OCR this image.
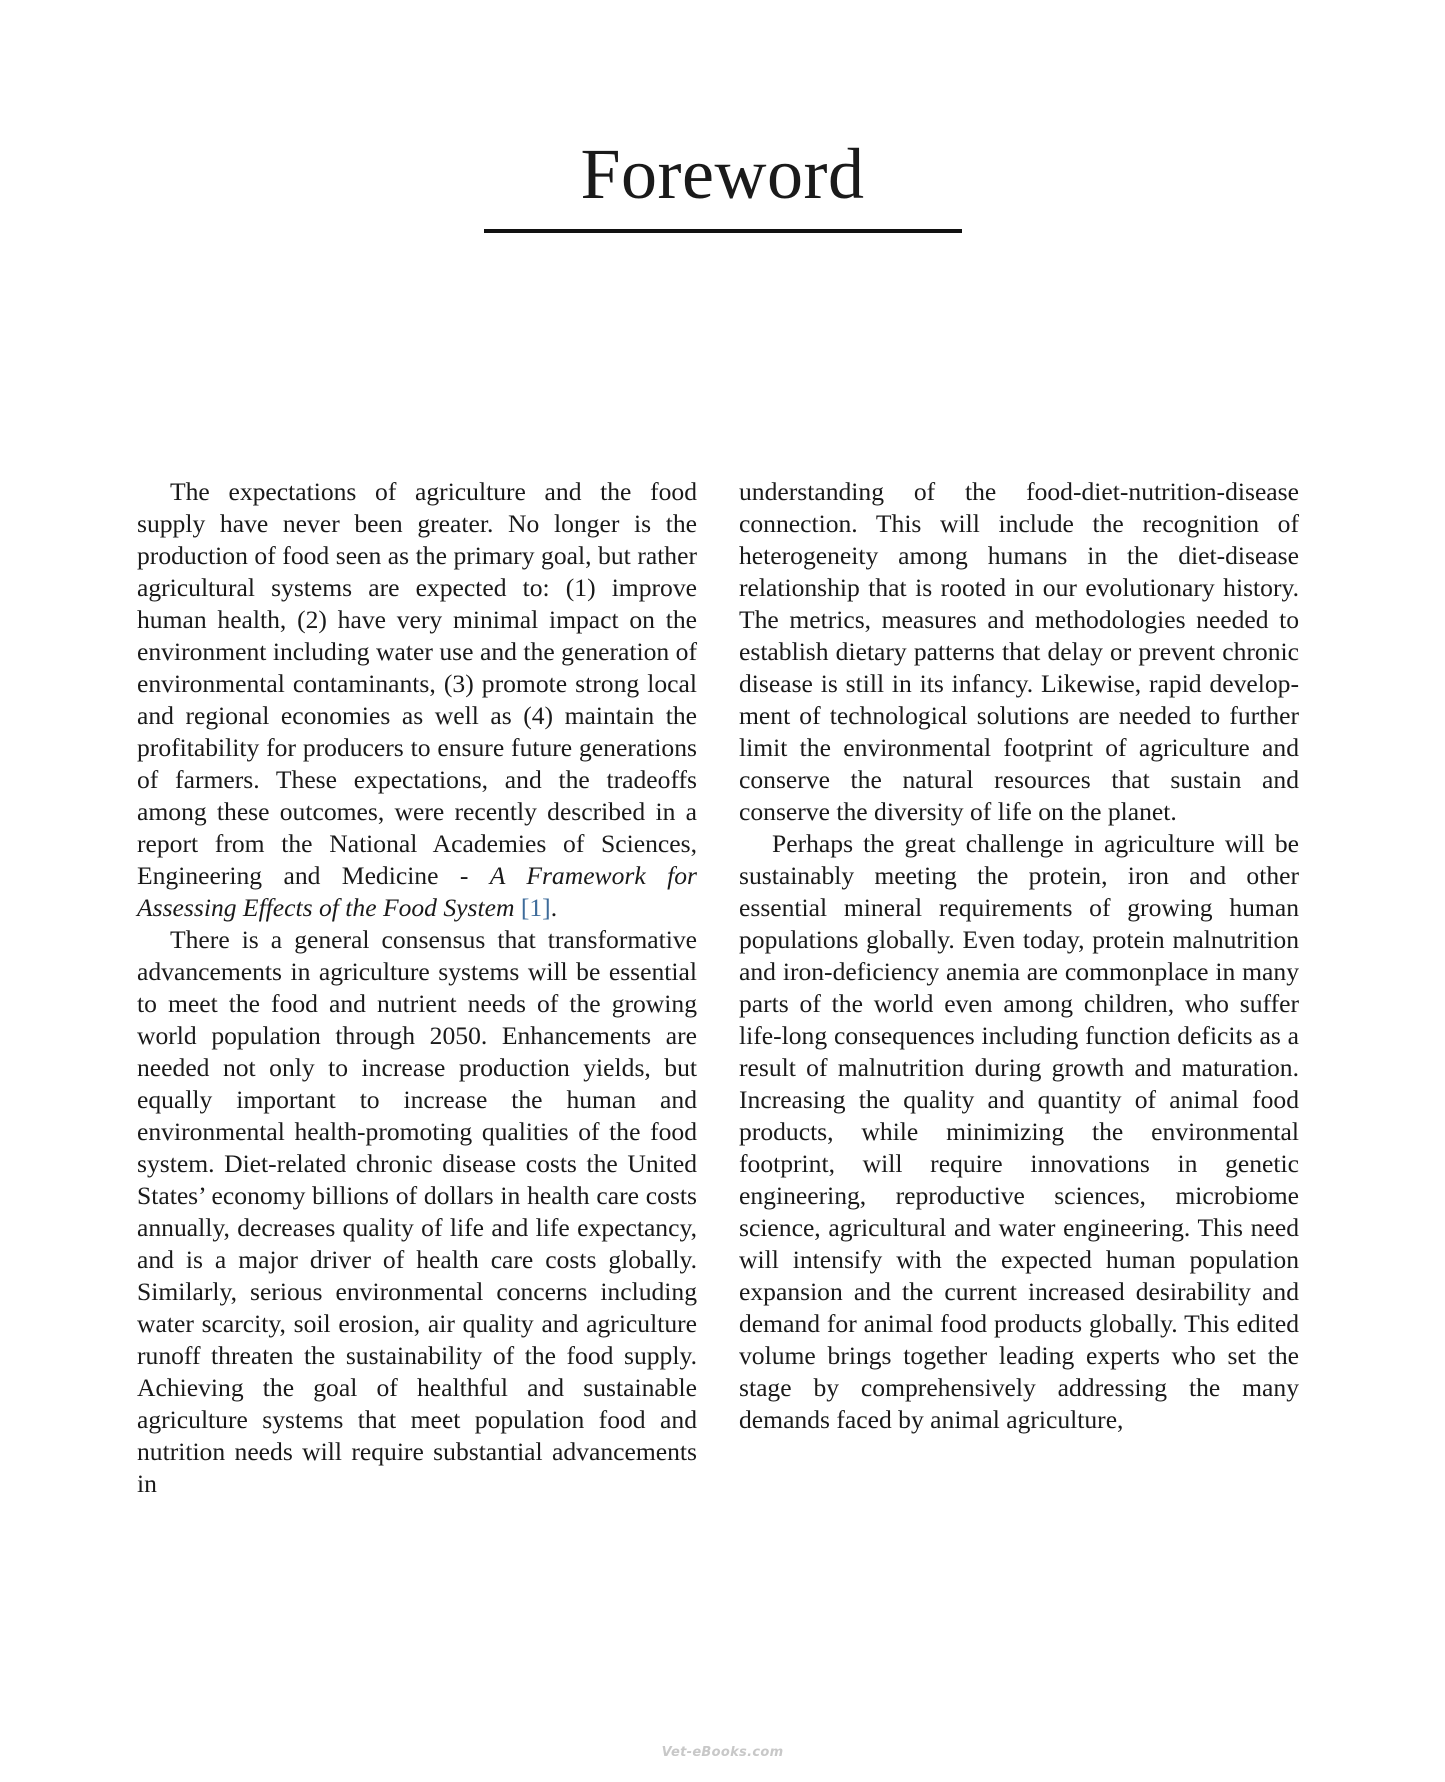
Foreword

The expectations of agriculture and the food supply have never been greater. No longer is the production of food seen as the primary goal, but rather agricultural systems are expected to: (1) improve human health, (2) have very minimal impact on the environment including water use and the generation of environmental contaminants, (3) promote strong local and regional economies as well as (4) maintain the profitability for producers to ensure future generations of farmers. These expectations, and the tradeoffs among these outcomes, were recently described in a report from the National Academies of Sciences, Engineering and Medicine - A Framework for Assessing Effects of the Food System [1].

There is a general consensus that transformative advancements in agriculture systems will be essential to meet the food and nutrient needs of the growing world population through 2050. Enhancements are needed not only to increase production yields, but equally important to increase the human and environmental health-promoting qualities of the food system. Diet-related chronic disease costs the United States’ economy billions of dollars in health care costs annually, decreases quality of life and life expectancy, and is a major driver of health care costs globally. Similarly, serious environmental concerns including water scarcity, soil erosion, air quality and agriculture runoff threaten the sustainability of the food supply. Achieving the goal of healthful and sustainable agriculture systems that meet population food and nutrition needs will require substantial advancements in

understanding of the food-diet-nutrition-disease connection. This will include the recognition of heterogeneity among humans in the diet-disease relationship that is rooted in our evolutionary history. The metrics, measures and methodologies needed to establish dietary patterns that delay or prevent chronic disease is still in its infancy. Likewise, rapid development of technological solutions are needed to further limit the environmental footprint of agriculture and conserve the natural resources that sustain and conserve the diversity of life on the planet.

Perhaps the great challenge in agriculture will be sustainably meeting the protein, iron and other essential mineral requirements of growing human populations globally. Even today, protein malnutrition and iron-deficiency anemia are commonplace in many parts of the world even among children, who suffer life-long consequences including function deficits as a result of malnutrition during growth and maturation. Increasing the quality and quantity of animal food products, while minimizing the environmental footprint, will require innovations in genetic engineering, reproductive sciences, microbiome science, agricultural and water engineering. This need will intensify with the expected human population expansion and the current increased desirability and demand for animal food products globally. This edited volume brings together leading experts who set the stage by comprehensively addressing the many demands faced by animal agriculture,

Vet-eBooks.com
